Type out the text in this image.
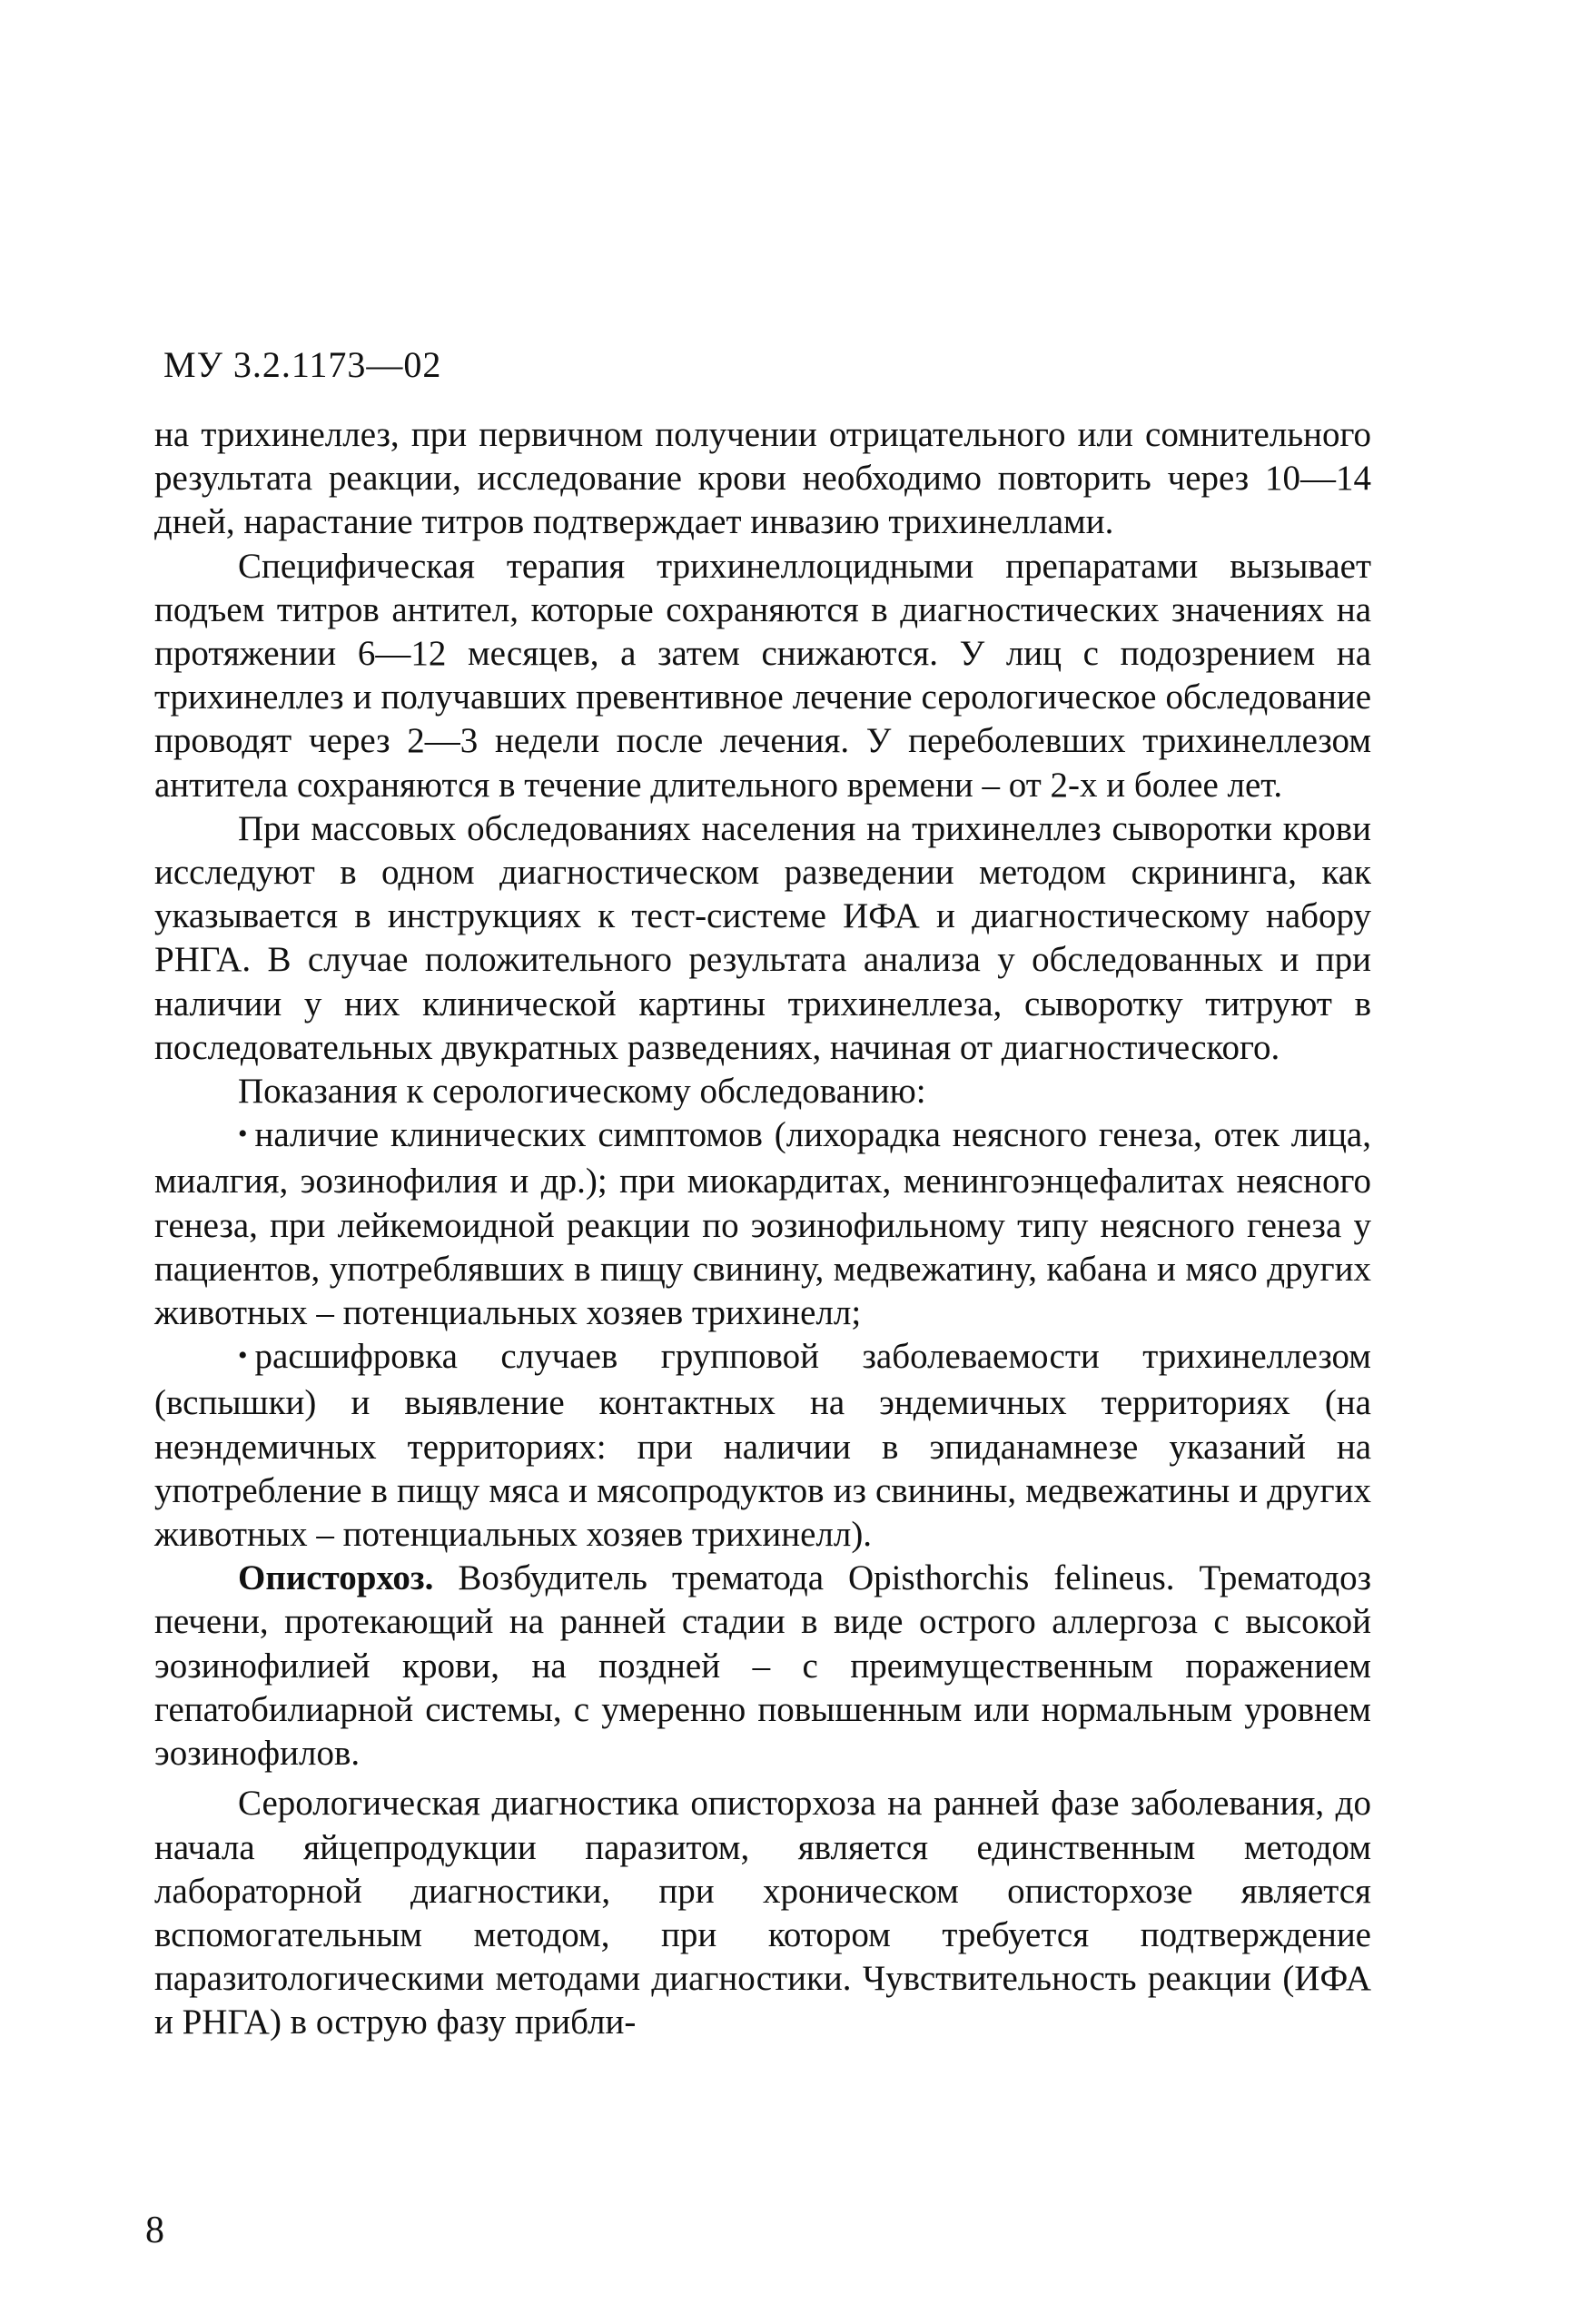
МУ 3.2.1173—02

на трихинеллез, при первичном получении отрицательного или сомнительного результата реакции, исследование крови необходимо повторить через 10—14 дней, нарастание титров подтверждает инвазию трихинеллами.

Специфическая терапия трихинеллоцидными препаратами вызывает подъем титров антител, которые сохраняются в диагностических значениях на протяжении 6—12 месяцев, а затем снижаются. У лиц с подозрением на трихинеллез и получавших превентивное лечение серологическое обследование проводят через 2—3 недели после лечения. У переболевших трихинеллезом антитела сохраняются в течение длительного времени – от 2-х и более лет.

При массовых обследованиях населения на трихинеллез сыворотки крови исследуют в одном диагностическом разведении методом скрининга, как указывается в инструкциях к тест-системе ИФА и диагностическому набору РНГА. В случае положительного результата анализа у обследованных и при наличии у них клинической картины трихинеллеза, сыворотку титруют в последовательных двукратных разведениях, начиная от диагностического.

Показания к серологическому обследованию:

• наличие клинических симптомов (лихорадка неясного генеза, отек лица, миалгия, эозинофилия и др.); при миокардитах, менингоэнцефалитах неясного генеза, при лейкемоидной реакции по эозинофильному типу неясного генеза у пациентов, употреблявших в пищу свинину, медвежатину, кабана и мясо других животных – потенциальных хозяев трихинелл;

• расшифровка случаев групповой заболеваемости трихинеллезом (вспышки) и выявление контактных на эндемичных территориях (на неэндемичных территориях: при наличии в эпиданамнезе указаний на употребление в пищу мяса и мясопродуктов из свинины, медвежатины и других животных – потенциальных хозяев трихинелл).

Описторхоз. Возбудитель трематода Opisthorchis felineus. Трематодоз печени, протекающий на ранней стадии в виде острого аллергоза с высокой эозинофилией крови, на поздней – с преимущественным поражением гепатобилиарной системы, с умеренно повышенным или нормальным уровнем эозинофилов.

Серологическая диагностика описторхоза на ранней фазе заболевания, до начала яйцепродукции паразитом, является единственным методом лабораторной диагностики, при хроническом описторхозе является вспомогательным методом, при котором требуется подтверждение паразитологическими методами диагностики. Чувствительность реакции (ИФА и РНГА) в острую фазу прибли-

8
